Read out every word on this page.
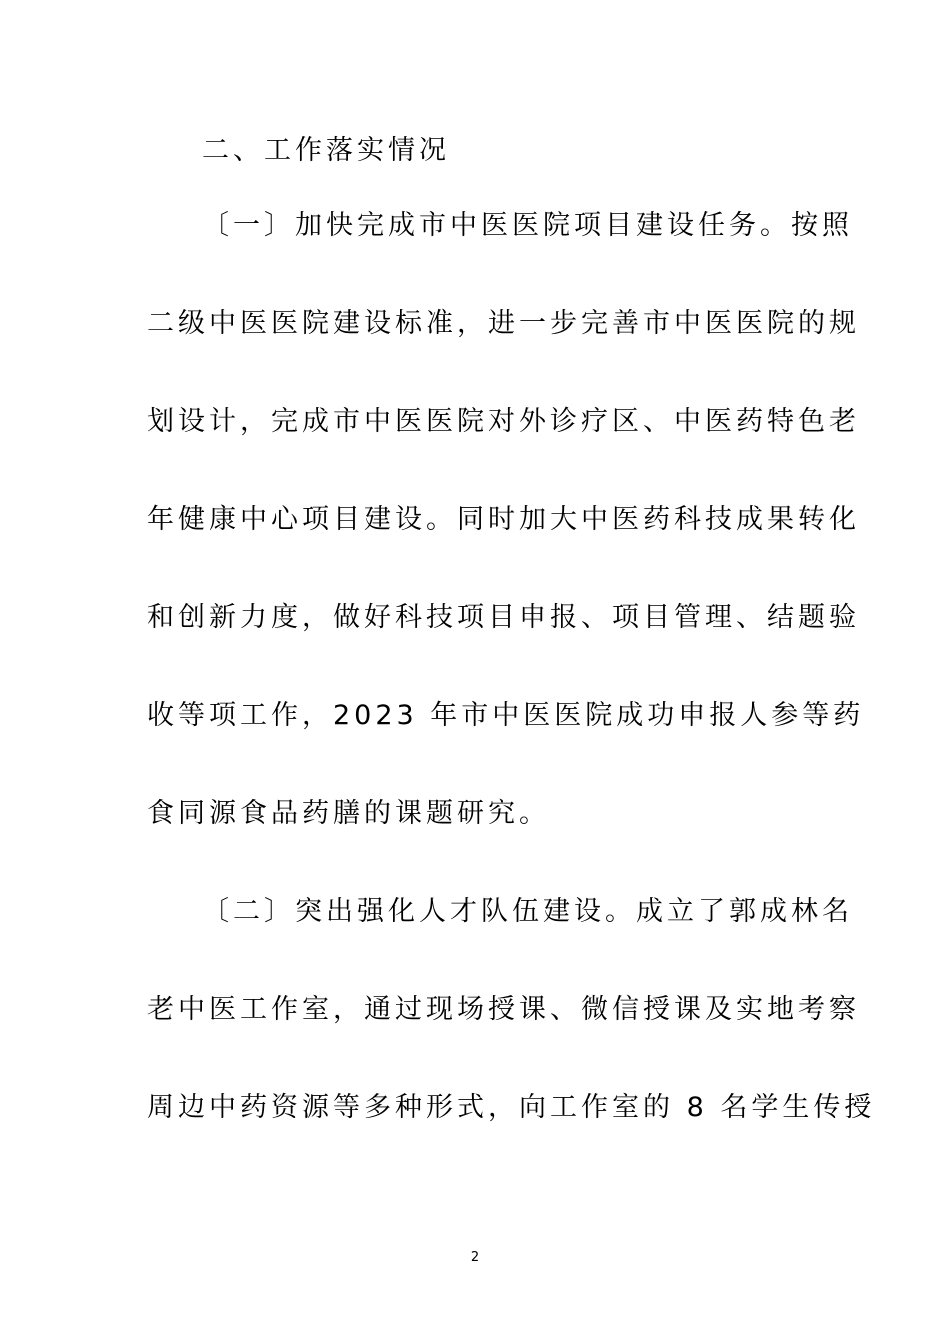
二、工作落实情况
〔一〕加快完成市中医医院项目建设任务。按照
二级中医医院建设标准，进一步完善市中医医院的规
划设计，完成市中医医院对外诊疗区、中医药特色老
年健康中心项目建设。同时加大中医药科技成果转化
和创新力度，做好科技项目申报、项目管理、结题验
收等项工作，2023 年市中医医院成功申报人参等药
食同源食品药膳的课题研究。
〔二〕突出强化人才队伍建设。成立了郭成林名
老中医工作室，通过现场授课、微信授课及实地考察
周边中药资源等多种形式，向工作室的 8 名学生传授
2
